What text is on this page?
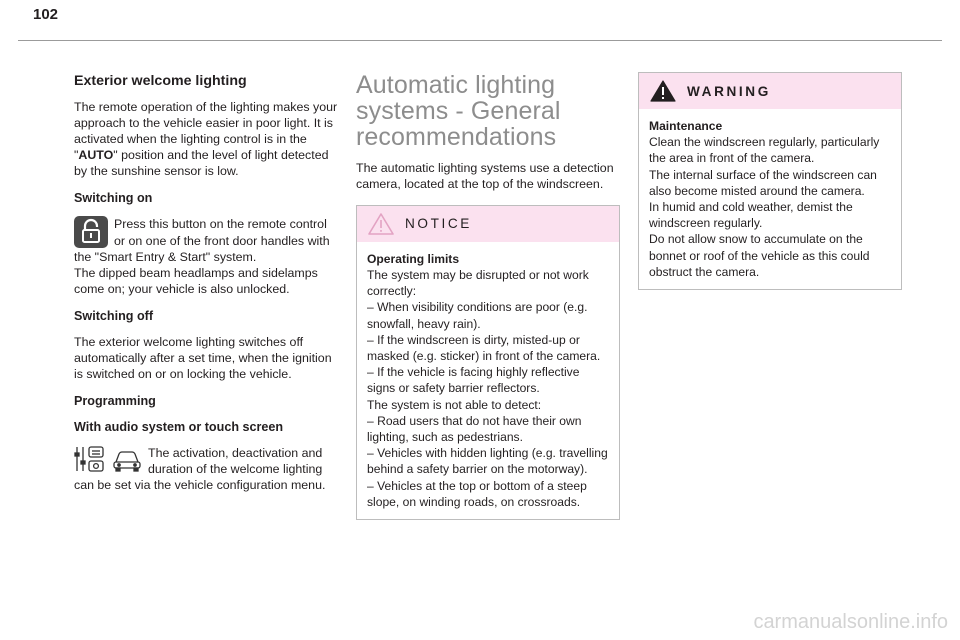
102
Exterior welcome lighting

The remote operation of the lighting makes your approach to the vehicle easier in poor light. It is activated when the lighting control is in the "AUTO" position and the level of light detected by the sunshine sensor is low.

Switching on
Press this button on the remote control or on one of the front door handles with the "Smart Entry & Start" system.
The dipped beam headlamps and sidelamps come on; your vehicle is also unlocked.
Switching off

The exterior welcome lighting switches off automatically after a set time, when the ignition is switched on or on locking the vehicle.

Programming
With audio system or touch screen
The activation, deactivation and duration of the welcome lighting can be set via the vehicle configuration menu.
Automatic lighting systems - General recommendations

The automatic lighting systems use a detection camera, located at the top of the windscreen.

NOTICE
Operating limits
The system may be disrupted or not work correctly:
– When visibility conditions are poor (e.g. snowfall, heavy rain).
– If the windscreen is dirty, misted-up or masked (e.g. sticker) in front of the camera.
– If the vehicle is facing highly reflective signs or safety barrier reflectors.
The system is not able to detect:
– Road users that do not have their own lighting, such as pedestrians.
– Vehicles with hidden lighting (e.g. travelling behind a safety barrier on the motorway).
– Vehicles at the top or bottom of a steep slope, on winding roads, on crossroads.
WARNING
Maintenance
Clean the windscreen regularly, particularly the area in front of the camera.
The internal surface of the windscreen can also become misted around the camera.
In humid and cold weather, demist the windscreen regularly.
Do not allow snow to accumulate on the bonnet or roof of the vehicle as this could obstruct the camera.
carmanualsonline.info
